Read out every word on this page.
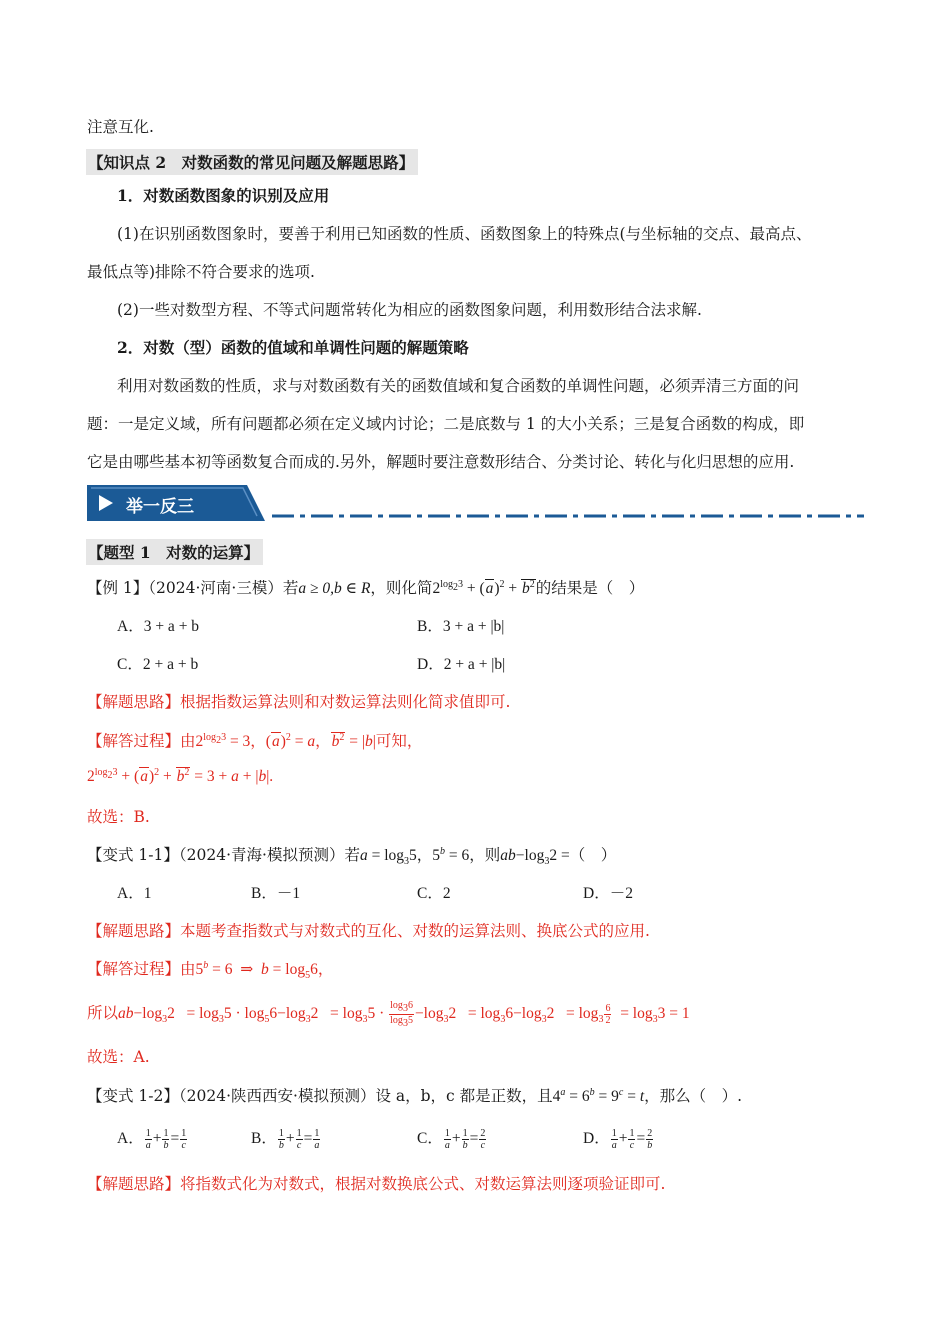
注意互化.
【知识点 2　对数函数的常见问题及解题思路】
1．对数函数图象的识别及应用
(1)在识别函数图象时，要善于利用已知函数的性质、函数图象上的特殊点(与坐标轴的交点、最高点、
最低点等)排除不符合要求的选项.
(2)一些对数型方程、不等式问题常转化为相应的函数图象问题，利用数形结合法求解.
2．对数（型）函数的值域和单调性问题的解题策略
利用对数函数的性质，求与对数函数有关的函数值域和复合函数的单调性问题，必须弄清三方面的问
题：一是定义域，所有问题都必须在定义域内讨论；二是底数与 1 的大小关系；三是复合函数的构成，即
它是由哪些基本初等函数复合而成的.另外，解题时要注意数形结合、分类讨论、转化与化归思想的应用.
举一反三
【题型 1　对数的运算】
【例 1】（2024·河南·三模）若a ≥ 0,b ∈ R，则化简$2^{log_23} + (a)^2 + b^2$的结果是（　）
A．3 + a + b	B．3 + a + |b|
C．2 + a + b	D．2 + a + |b|
【解题思路】根据指数运算法则和对数运算法则化简求值即可.
【解答过程】由$2^{log_23} = 3$，$(a)^2 = a$，$b^2 = |b|$可知，
$2^{log_23} + (a)^2 + b^2 = 3 + a + |b|$.
故选：B.
【变式 1-1】（2024·青海·模拟预测）若$a = \log_35$，$5^b = 6$，则$ab-\log_32$ =（　）
A．1	B．－1	C．2	D．－2
【解题思路】本题考查指数式与对数式的互化、对数的运算法则、换底公式的应用.
【解答过程】由$5^b = 6$  ⇒  $b = \log_56$，
所以$ab-\log_32 = \log_35 \cdot \log_56-\log_32 = \log_35 \cdot \frac{\log_36}{\log_35} -\log_32 = \log_36-\log_32 = \log_3 \frac{6}{2} = \log_33 = 1$
故选：A.
【变式 1-2】（2024·陕西西安·模拟预测）设 a，b，c 都是正数，且$4^a = 6^b = 9^c = t$，那么（　）.
A． $\frac{1}{a} + \frac{1}{b} = \frac{1}{c}$	B． $\frac{1}{b} + \frac{1}{c} = \frac{1}{a}$	C． $\frac{1}{a} + \frac{1}{b} = \frac{2}{c}$	D． $\frac{1}{a} + \frac{1}{c} = \frac{2}{b}$
【解题思路】将指数式化为对数式，根据对数换底公式、对数运算法则逐项验证即可.
